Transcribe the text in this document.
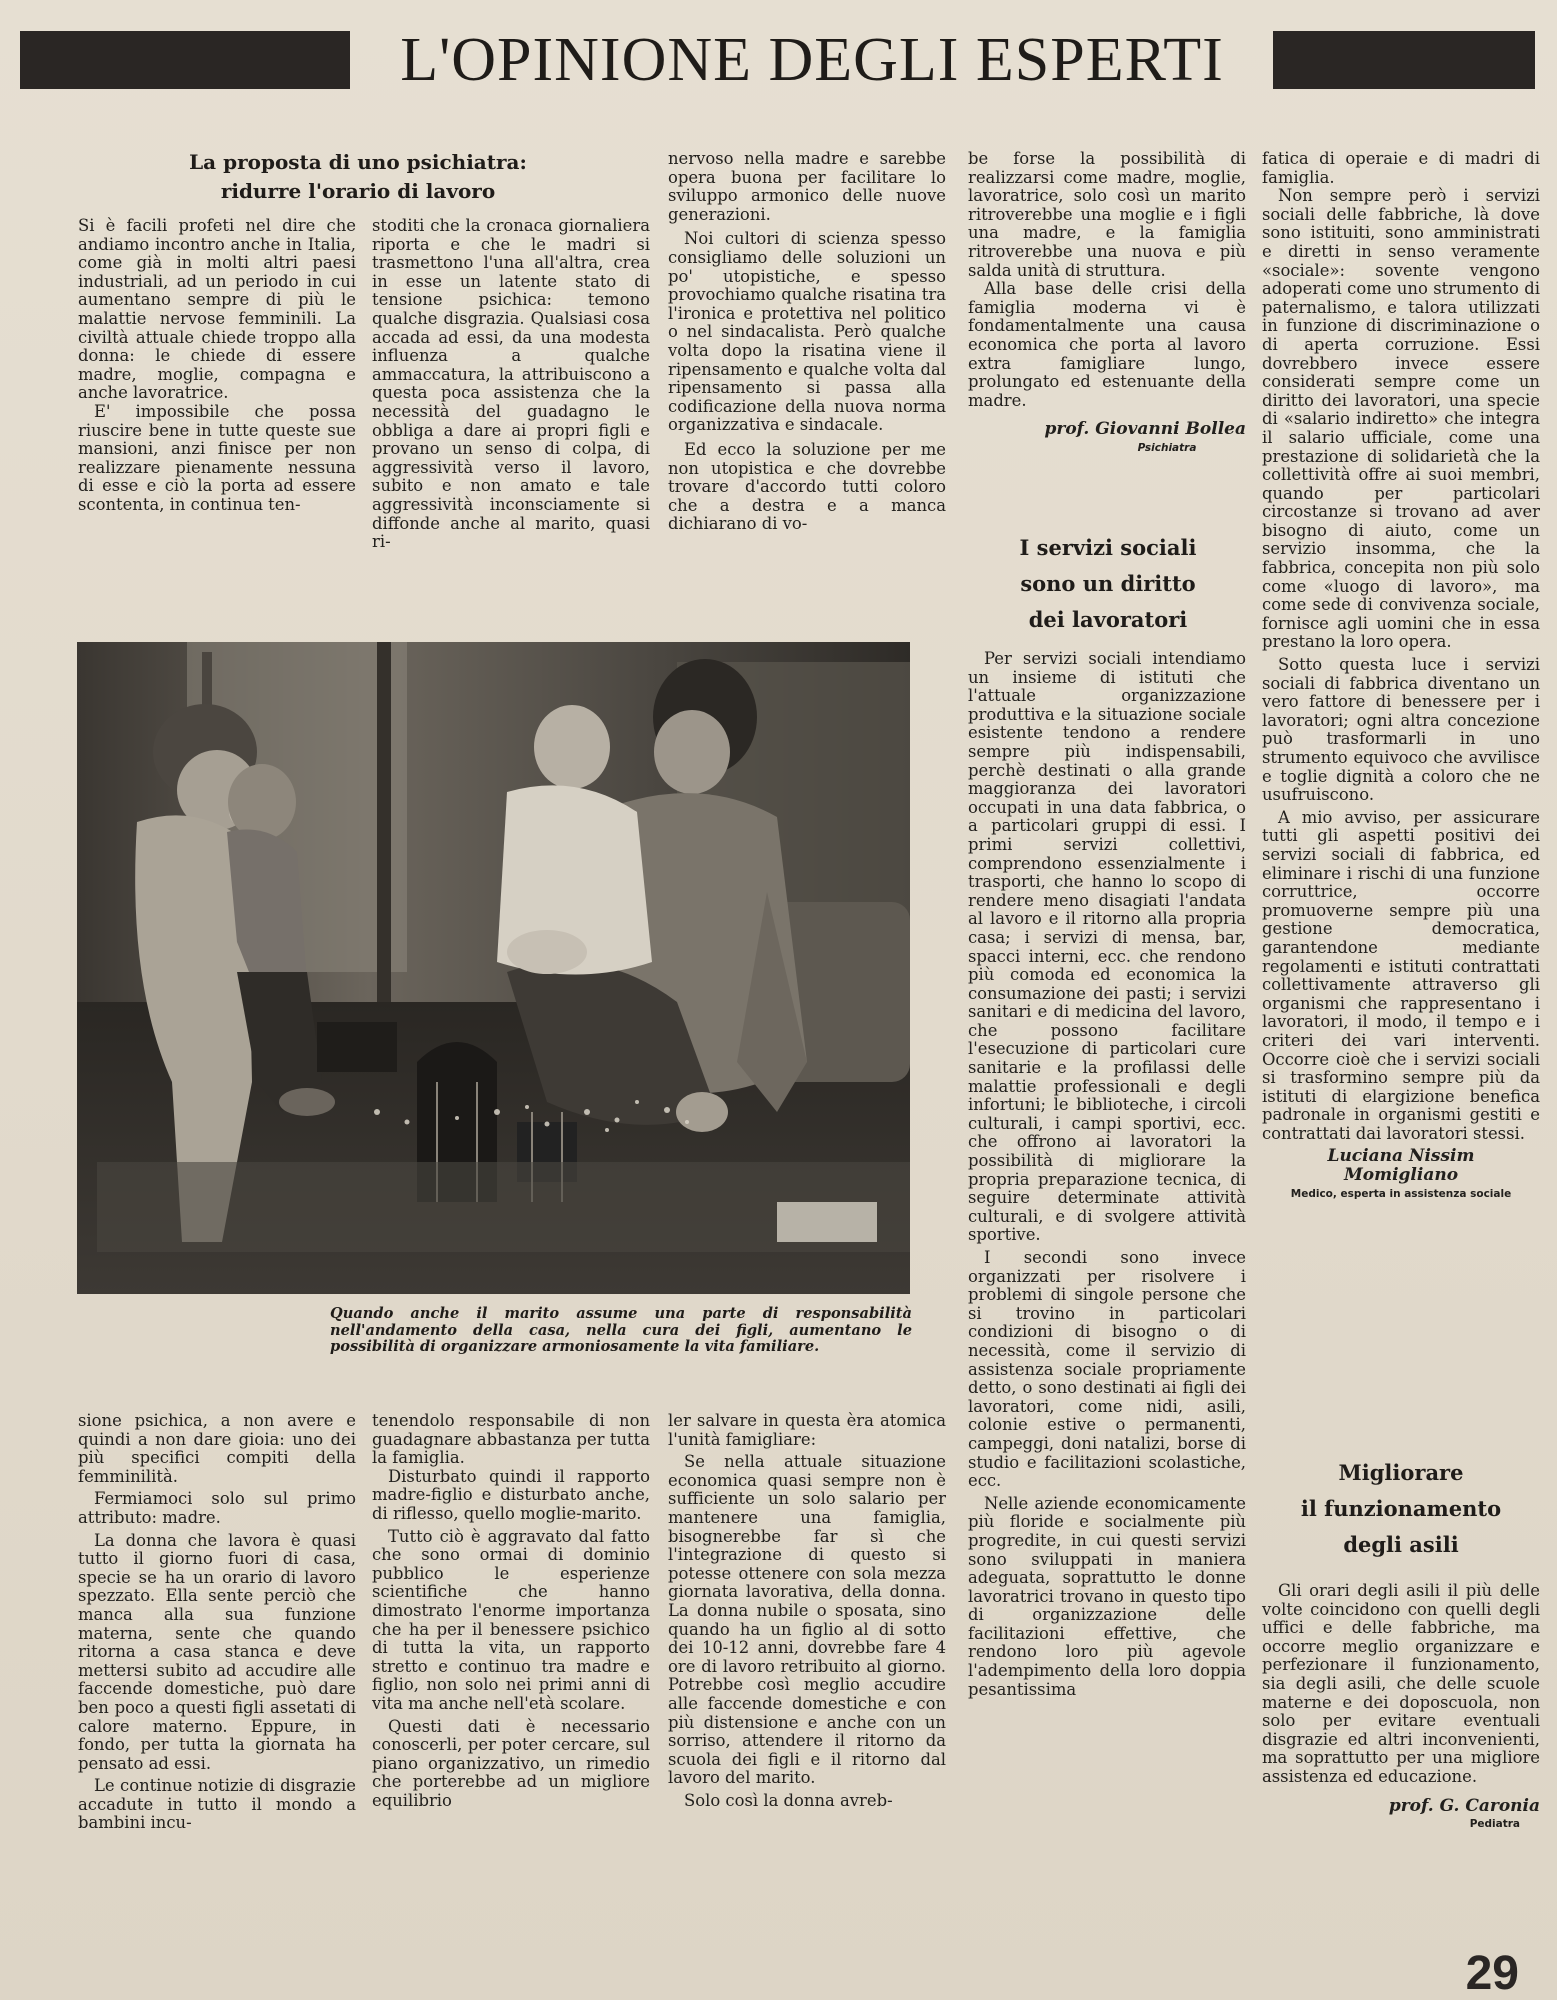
L'OPINIONE DEGLI ESPERTI
La proposta di uno psichiatra:
ridurre l'orario di lavoro

Si è facili profeti nel dire che andiamo incontro anche in Italia, come già in molti altri paesi industriali, ad un periodo in cui aumentano sempre di più le malattie nervose femminili. La civiltà attuale chiede troppo alla donna: le chiede di essere madre, moglie, compagna e anche lavoratrice.

E' impossibile che possa riuscire bene in tutte queste sue mansioni, anzi finisce per non realizzare pienamente nessuna di esse e ciò la porta ad essere scontenta, in continua ten-

stoditi che la cronaca giornaliera riporta e che le madri si trasmettono l'una all'altra, crea in esse un latente stato di tensione psichica: temono qualche disgrazia. Qualsiasi cosa accada ad essi, da una modesta influenza a qualche ammaccatura, la attribuiscono a questa poca assistenza che la necessità del guadagno le obbliga a dare ai propri figli e provano un senso di colpa, di aggressività verso il lavoro, subito e non amato e tale aggressività inconsciamente si diffonde anche al marito, quasi ri-

nervoso nella madre e sarebbe opera buona per facilitare lo sviluppo armonico delle nuove generazioni.

Noi cultori di scienza spesso consigliamo delle soluzioni un po' utopistiche, e spesso provochiamo qualche risatina tra l'ironica e protettiva nel politico o nel sindacalista. Però qualche volta dopo la risatina viene il ripensamento e qualche volta dal ripensamento si passa alla codificazione della nuova norma organizzativa e sindacale.

Ed ecco la soluzione per me non utopistica e che dovrebbe trovare d'accordo tutti coloro che a destra e a manca dichiarano di vo-

be forse la possibilità di realizzarsi come madre, moglie, lavoratrice, solo così un marito ritroverebbe una moglie e i figli una madre, e la famiglia ritroverebbe una nuova e più salda unità di struttura.

Alla base delle crisi della famiglia moderna vi è fondamentalmente una causa economica che porta al lavoro extra famigliare lungo, prolungato ed estenuante della madre.

prof. Giovanni Bollea
Psichiatra
I servizi sociali
sono un diritto
dei lavoratori
Quando anche il marito assume una parte di responsabilità nell'andamento della casa, nella cura dei figli, aumentano le possibilità di organizzare armoniosamente la vita familiare.

sione psichica, a non avere e quindi a non dare gioia: uno dei più specifici compiti della femminilità.

Fermiamoci solo sul primo attributo: madre.

La donna che lavora è quasi tutto il giorno fuori di casa, specie se ha un orario di lavoro spezzato. Ella sente perciò che manca alla sua funzione materna, sente che quando ritorna a casa stanca e deve mettersi subito ad accudire alle faccende domestiche, può dare ben poco a questi figli assetati di calore materno. Eppure, in fondo, per tutta la giornata ha pensato ad essi.

Le continue notizie di disgrazie accadute in tutto il mondo a bambini incu-

tenendolo responsabile di non guadagnare abbastanza per tutta la famiglia.

Disturbato quindi il rapporto madre-figlio e disturbato anche, di riflesso, quello moglie-marito.

Tutto ciò è aggravato dal fatto che sono ormai di dominio pubblico le esperienze scientifiche che hanno dimostrato l'enorme importanza che ha per il benessere psichico di tutta la vita, un rapporto stretto e continuo tra madre e figlio, non solo nei primi anni di vita ma anche nell'età scolare.

Questi dati è necessario conoscerli, per poter cercare, sul piano organizzativo, un rimedio che porterebbe ad un migliore equilibrio

ler salvare in questa èra atomica l'unità famigliare:

Se nella attuale situazione economica quasi sempre non è sufficiente un solo salario per mantenere una famiglia, bisognerebbe far sì che l'integrazione di questo si potesse ottenere con sola mezza giornata lavorativa, della donna. La donna nubile o sposata, sino quando ha un figlio al di sotto dei 10-12 anni, dovrebbe fare 4 ore di lavoro retribuito al giorno. Potrebbe così meglio accudire alle faccende domestiche e con più distensione e anche con un sorriso, attendere il ritorno da scuola dei figli e il ritorno dal lavoro del marito.

Solo così la donna avreb-

Per servizi sociali intendiamo un insieme di istituti che l'attuale organizzazione produttiva e la situazione sociale esistente tendono a rendere sempre più indispensabili, perchè destinati o alla grande maggioranza dei lavoratori occupati in una data fabbrica, o a particolari gruppi di essi. I primi servizi collettivi, comprendono essenzialmente i trasporti, che hanno lo scopo di rendere meno disagiati l'andata al lavoro e il ritorno alla propria casa; i servizi di mensa, bar, spacci interni, ecc. che rendono più comoda ed economica la consumazione dei pasti; i servizi sanitari e di medicina del lavoro, che possono facilitare l'esecuzione di particolari cure sanitarie e la profilassi delle malattie professionali e degli infortuni; le biblioteche, i circoli culturali, i campi sportivi, ecc. che offrono ai lavoratori la possibilità di migliorare la propria preparazione tecnica, di seguire determinate attività culturali, e di svolgere attività sportive.

I secondi sono invece organizzati per risolvere i problemi di singole persone che si trovino in particolari condizioni di bisogno o di necessità, come il servizio di assistenza sociale propriamente detto, o sono destinati ai figli dei lavoratori, come nidi, asili, colonie estive o permanenti, campeggi, doni natalizi, borse di studio e facilitazioni scolastiche, ecc.

Nelle aziende economicamente più floride e socialmente più progredite, in cui questi servizi sono sviluppati in maniera adeguata, soprattutto le donne lavoratrici trovano in questo tipo di organizzazione delle facilitazioni effettive, che rendono loro più agevole l'adempimento della loro doppia pesantissima

fatica di operaie e di madri di famiglia.

Non sempre però i servizi sociali delle fabbriche, là dove sono istituiti, sono amministrati e diretti in senso veramente «sociale»: sovente vengono adoperati come uno strumento di paternalismo, e talora utilizzati in funzione di discriminazione o di aperta corruzione. Essi dovrebbero invece essere considerati sempre come un diritto dei lavoratori, una specie di «salario indiretto» che integra il salario ufficiale, come una prestazione di solidarietà che la collettività offre ai suoi membri, quando per particolari circostanze si trovano ad aver bisogno di aiuto, come un servizio insomma, che la fabbrica, concepita non più solo come «luogo di lavoro», ma come sede di convivenza sociale, fornisce agli uomini che in essa prestano la loro opera.

Sotto questa luce i servizi sociali di fabbrica diventano un vero fattore di benessere per i lavoratori; ogni altra concezione può trasformarli in uno strumento equivoco che avvilisce e toglie dignità a coloro che ne usufruiscono.

A mio avviso, per assicurare tutti gli aspetti positivi dei servizi sociali di fabbrica, ed eliminare i rischi di una funzione corruttrice, occorre promuoverne sempre più una gestione democratica, garantendone mediante regolamenti e istituti contrattati collettivamente attraverso gli organismi che rappresentano i lavoratori, il modo, il tempo e i criteri dei vari interventi. Occorre cioè che i servizi sociali si trasformino sempre più da istituti di elargizione benefica padronale in organismi gestiti e contrattati dai lavoratori stessi.

Luciana Nissim
Momigliano
Medico, esperta in assistenza sociale
Migliorare
il funzionamento
degli asili

Gli orari degli asili il più delle volte coincidono con quelli degli uffici e delle fabbriche, ma occorre meglio organizzare e perfezionare il funzionamento, sia degli asili, che delle scuole materne e dei doposcuola, non solo per evitare eventuali disgrazie ed altri inconvenienti, ma soprattutto per una migliore assistenza ed educazione.

prof. G. Caronia
Pediatra
29
